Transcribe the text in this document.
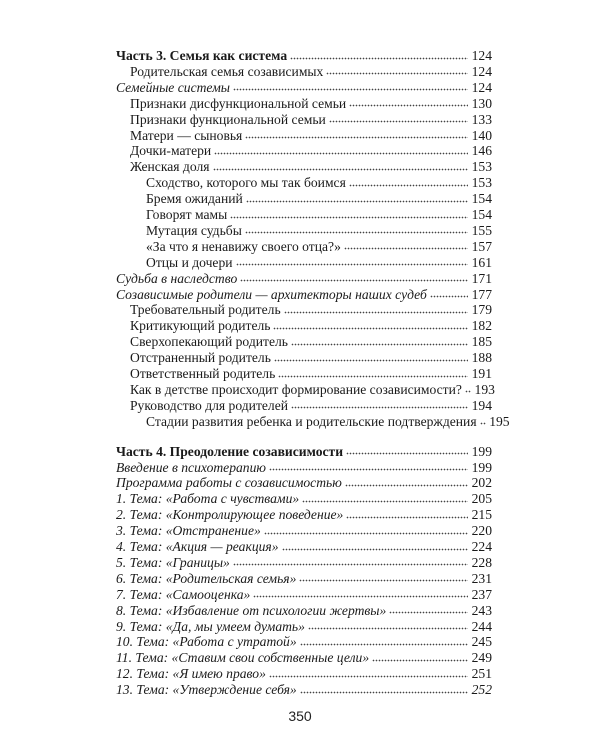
Часть 3. Семья как система	124
Родительская семья созависимых	124
Семейные системы	124
Признаки дисфункциональной семьи	130
Признаки функциональной семьи	133
Матери — сыновья	140
Дочки-матери	146
Женская доля	153
Сходство, которого мы так боимся	153
Бремя ожиданий	154
Говорят мамы	154
Мутация судьбы	155
«За что я ненавижу своего отца?»	157
Отцы и дочери	161
Судьба в наследство	171
Созависимые родители — архитекторы наших судеб	177
Требовательный родитель	179
Критикующий родитель	182
Сверхопекающий родитель	185
Отстраненный родитель	188
Ответственный родитель	191
Как в детстве происходит формирование созависимости? 193
Руководство для родителей	194
Стадии развития ребенка и родительские подтверждения 195
Часть 4. Преодоление созависимости	199
Введение в психотерапию	199
Программа работы с созависимостью	202
1. Тема: «Работа с чувствами»	205
2. Тема: «Контролирующее поведение»	215
3. Тема: «Отстранение»	220
4. Тема: «Акция — реакция»	224
5. Тема: «Границы»	228
6. Тема: «Родительская семья»	231
7. Тема: «Самооценка»	237
8. Тема: «Избавление от психологии жертвы»	243
9. Тема: «Да, мы умеем думать»	244
10. Тема: «Работа с утратой»	245
11. Тема: «Ставим свои собственные цели»	249
12. Тема: «Я имею право»	251
13. Тема: «Утверждение себя»	252
350
